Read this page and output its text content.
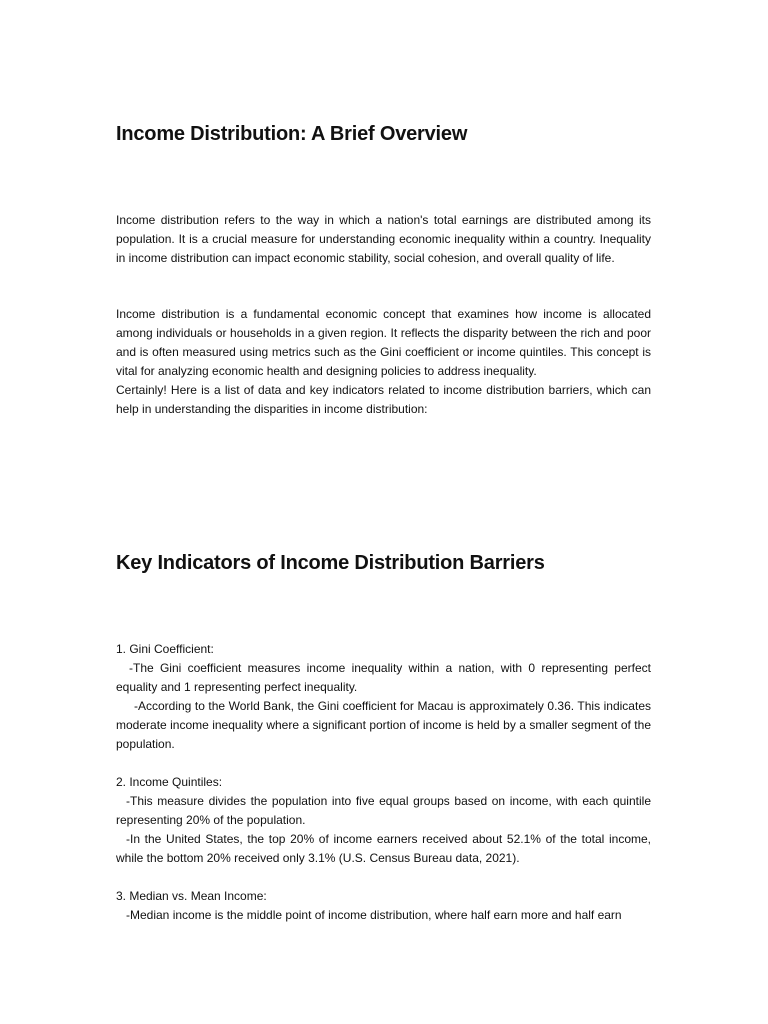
Income Distribution: A Brief Overview

Income distribution refers to the way in which a nation's total earnings are distributed among its population. It is a crucial measure for understanding economic inequality within a country. Inequality in income distribution can impact economic stability, social cohesion, and overall quality of life.

Income distribution is a fundamental economic concept that examines how income is allocated among individuals or households in a given region. It reflects the disparity between the rich and poor and is often measured using metrics such as the Gini coefficient or income quintiles. This concept is vital for analyzing economic health and designing policies to address inequality.

Certainly! Here is a list of data and key indicators related to income distribution barriers, which can help in understanding the disparities in income distribution:

Key Indicators of Income Distribution Barriers
1. Gini Coefficient:
-The Gini coefficient measures income inequality within a nation, with 0 representing perfect equality and 1 representing perfect inequality.
-According to the World Bank, the Gini coefficient for Macau is approximately 0.36. This indicates moderate income inequality where a significant portion of income is held by a smaller segment of the population.
2. Income Quintiles:
-This measure divides the population into five equal groups based on income, with each quintile representing 20% of the population.
-In the United States, the top 20% of income earners received about 52.1% of the total income, while the bottom 20% received only 3.1% (U.S. Census Bureau data, 2021).
3. Median vs. Mean Income:
-Median income is the middle point of income distribution, where half earn more and half earn
